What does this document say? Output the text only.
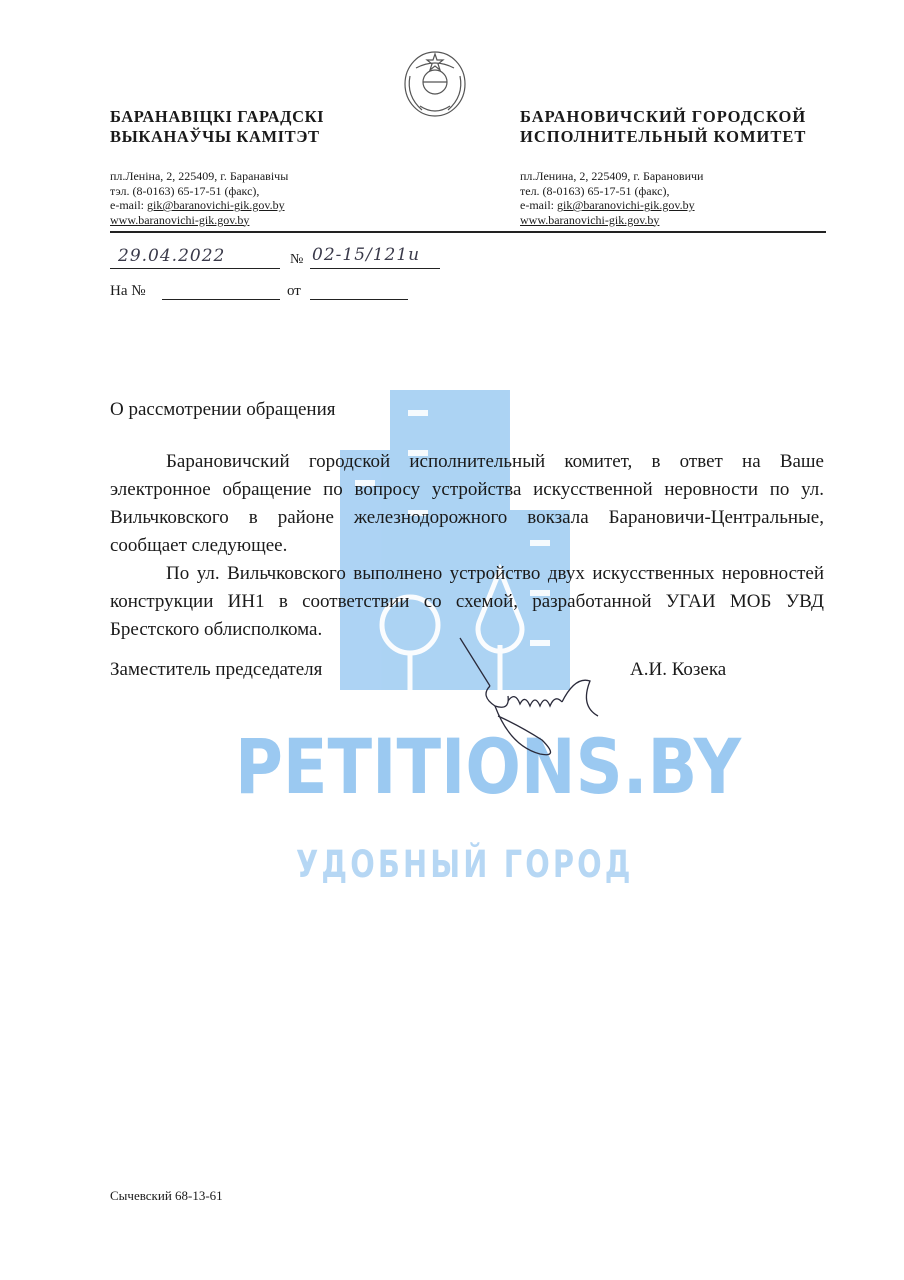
PETITIONS.BY
УДОБНЫЙ ГОРОД
БАРАНАВІЦКІ ГАРАДСКІ
ВЫКАНАЎЧЫ КАМІТЭТ
БАРАНОВИЧСКИЙ ГОРОДСКОЙ
ИСПОЛНИТЕЛЬНЫЙ КОМИТЕТ
пл.Леніна, 2, 225409, г. Баранавічы
тэл. (8-0163) 65-17-51 (факс),
e-mail: gik@baranovichi-gik.gov.by
www.baranovichi-gik.gov.by
пл.Ленина, 2, 225409, г. Барановичи
тел. (8-0163) 65-17-51 (факс),
e-mail: gik@baranovichi-gik.gov.by
www.baranovichi-gik.gov.by
29.04.2022	№ 02-15/121и
На №	от
О рассмотрении обращения

Барановичский городской исполнительный комитет, в ответ на Ваше электронное обращение по вопросу устройства искусственной неровности по ул. Вильчковского в районе железнодорожного вокзала Барановичи-Центральные, сообщает следующее.

По ул. Вильчковского выполнено устройство двух искусственных неровностей конструкции ИН1 в соответствии со схемой, разработанной УГАИ МОБ УВД Брестского облисполкома.

Заместитель председателя	А.И. Козека
Сычевский 68-13-61
